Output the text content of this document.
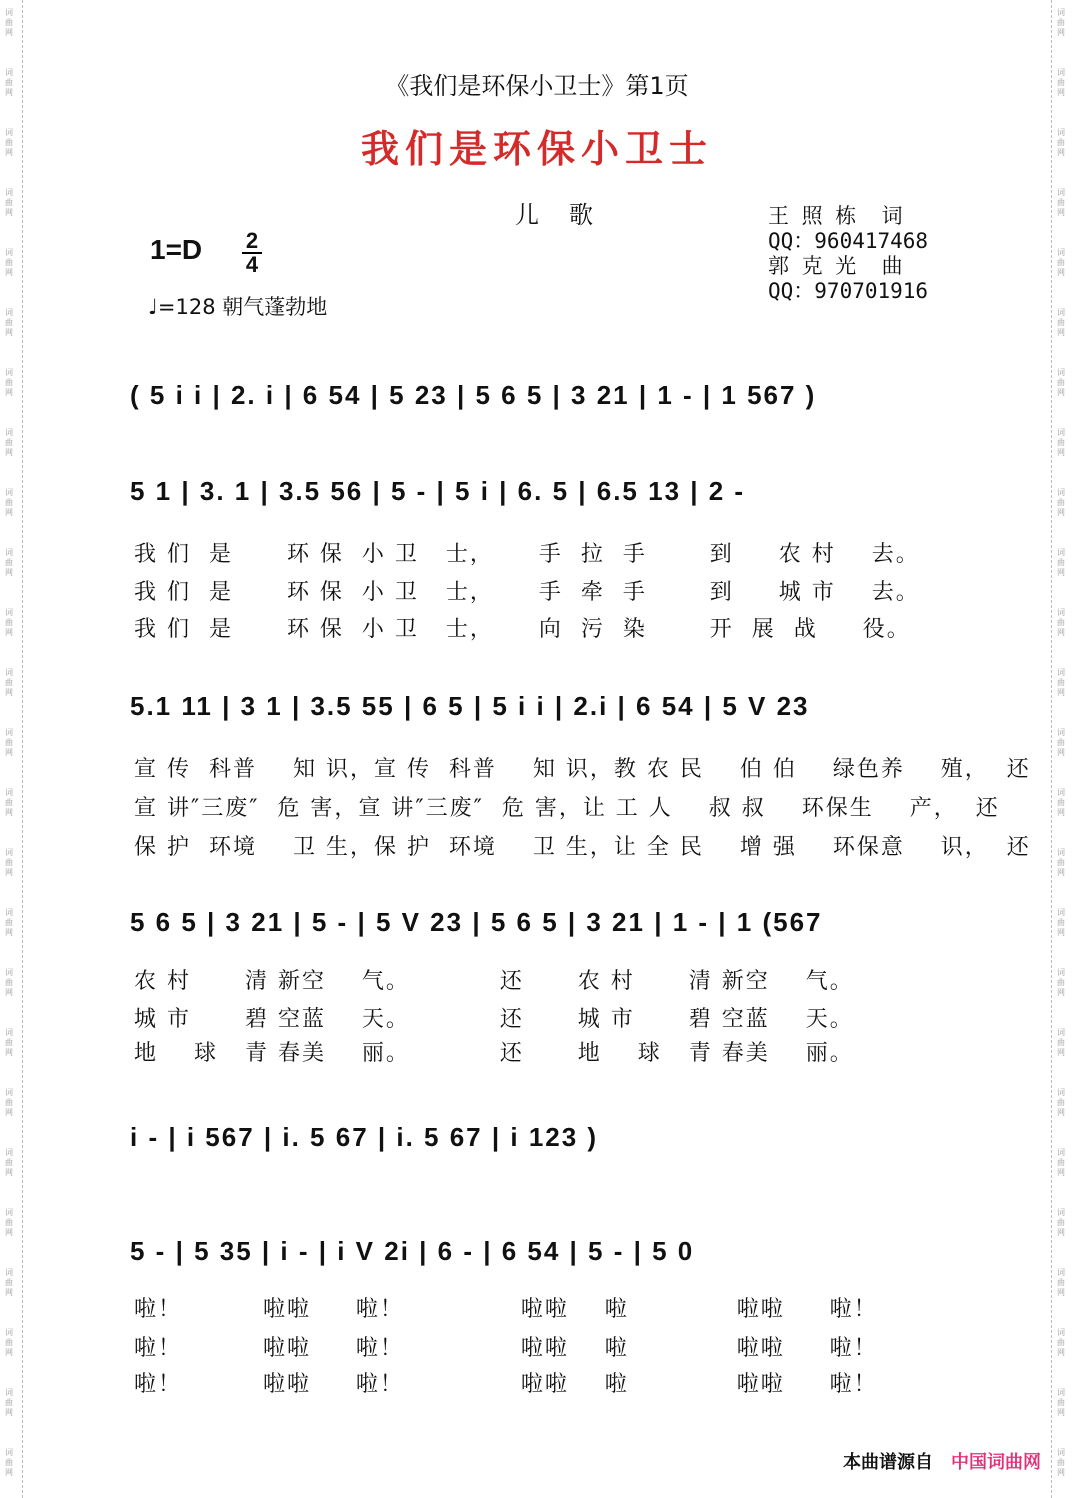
词
曲
网
词
曲
网
词
曲
网
词
曲
网
词
曲
网
词
曲
网
词
曲
网
词
曲
网
词
曲
网
词
曲
网
词
曲
网
词
曲
网
词
曲
网
词
曲
网
词
曲
网
词
曲
网
词
曲
网
词
曲
网
词
曲
网
词
曲
网
词
曲
网
词
曲
网
词
曲
网
词
曲
网
词
曲
网
词
曲
网
词
曲
网
词
曲
网
词
曲
网
词
曲
网
词
曲
网
词
曲
网
词
曲
网
词
曲
网
词
曲
网
词
曲
网
词
曲
网
词
曲
网
词
曲
网
词
曲
网
词
曲
网
词
曲
网
词
曲
网
词
曲
网
词
曲
网
词
曲
网
词
曲
网
词
曲
网
词
曲
网
词
曲
网
《我们是环保小卫士》第1页
我们是环保小卫士
儿歌	王 照 栋  词
QQ：960417468
郭 克 光  曲
QQ：970701916
$1=D \frac{2}{4}$
♩=128 朝气蓬勃地
( 5 i i | 2. i | 6 54 | 5 23 | 5 6 5 | 3 21 | 1 - | 1 567 )
5 1 | 3. 1 | 3.5 56 | 5 - | 5 i | 6. 5 | 6.5 13 | 2 -
我 们  是      环 保  小 卫   士，     手  拉  手       到     农 村    去。
我 们  是      环 保  小 卫   士，     手  牵  手       到     城 市    去。
我 们  是      环 保  小 卫   士，     向  污  染       开  展  战     役。
5.1 11 | 3 1 | 3.5 55 | 6 5 | 5 i i | 2.i | 6 54 | 5 V 23
宣 传  科普    知 识，宣 传  科普    知 识，教 农 民    伯 伯    绿色养    殖，  还
宣 讲″三废″  危 害，宣 讲″三废″  危 害，让 工 人    叔 叔    环保生    产，  还
保 护  环境    卫 生，保 护  环境    卫 生，让 全 民    增 强    环保意    识，  还
5 6 5 | 3 21 | 5 - | 5 V 23 | 5 6 5 | 3 21 | 1 - | 1 (567
农 村      清 新空    气。          还      农 村      清 新空    气。
城 市      碧 空蓝    天。          还      城 市      碧 空蓝    天。
地    球   青 春美    丽。          还      地    球   青 春美    丽。
i - | i 567 | i. 5 67 | i. 5 67 | i 123 )
5 - | 5 35 | i - | i V 2i | 6 - | 6 54 | 5 - | 5 0
啦！         啦啦     啦！             啦啦    啦            啦啦     啦！
啦！         啦啦     啦！             啦啦    啦            啦啦     啦！
啦！         啦啦     啦！             啦啦    啦            啦啦     啦！
本曲谱源自 中国词曲网
